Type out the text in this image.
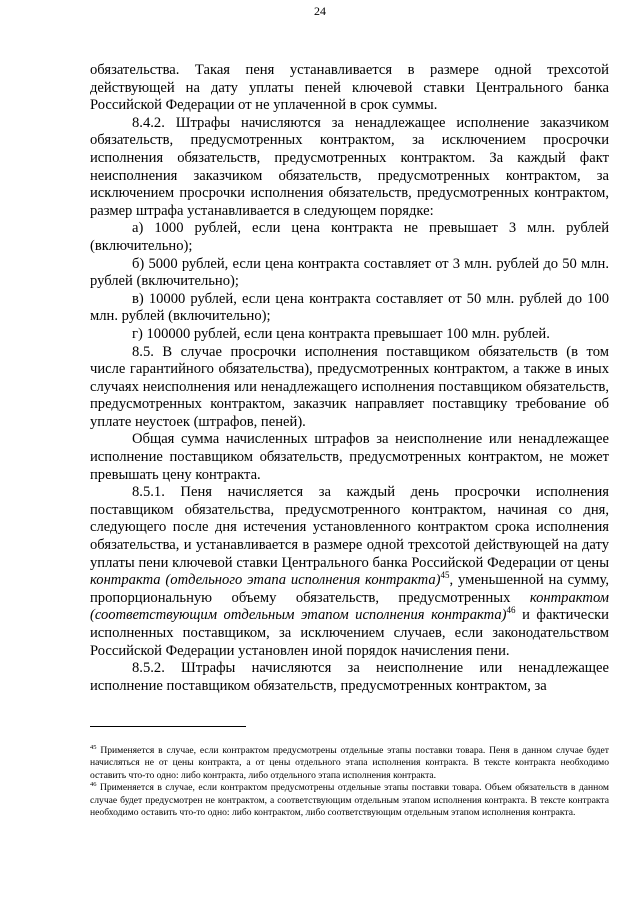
24

обязательства. Такая пеня устанавливается в размере одной трехсотой действующей на дату уплаты пеней ключевой ставки Центрального банка Российской Федерации от не уплаченной в срок суммы.

8.4.2. Штрафы начисляются за ненадлежащее исполнение заказчиком обязательств, предусмотренных контрактом, за исключением просрочки исполнения обязательств, предусмотренных контрактом. За каждый факт неисполнения заказчиком обязательств, предусмотренных контрактом, за исключением просрочки исполнения обязательств, предусмотренных контрактом, размер штрафа устанавливается в следующем порядке:

а) 1000 рублей, если цена контракта не превышает 3 млн. рублей (включительно);

б) 5000 рублей, если цена контракта составляет от 3 млн. рублей до 50 млн. рублей (включительно);

в) 10000 рублей, если цена контракта составляет от 50 млн. рублей до 100 млн. рублей (включительно);

г) 100000 рублей, если цена контракта превышает 100 млн. рублей.

8.5. В случае просрочки исполнения поставщиком обязательств (в том числе гарантийного обязательства), предусмотренных контрактом, а также в иных случаях неисполнения или ненадлежащего исполнения поставщиком обязательств, предусмотренных контрактом, заказчик направляет поставщику требование об уплате неустоек (штрафов, пеней).

Общая сумма начисленных штрафов за неисполнение или ненадлежащее исполнение поставщиком обязательств, предусмотренных контрактом, не может превышать цену контракта.

8.5.1. Пеня начисляется за каждый день просрочки исполнения поставщиком обязательства, предусмотренного контрактом, начиная со дня, следующего после дня истечения установленного контрактом срока исполнения обязательства, и устанавливается в размере одной трехсотой действующей на дату уплаты пени ключевой ставки Центрального банка Российской Федерации от цены контракта (отдельного этапа исполнения контракта)$^{45}$, уменьшенной на сумму, пропорциональную объему обязательств, предусмотренных контрактом (соответствующим отдельным этапом исполнения контракта)$^{46}$ и фактически исполненных поставщиком, за исключением случаев, если законодательством Российской Федерации установлен иной порядок начисления пени.

8.5.2. Штрафы начисляются за неисполнение или ненадлежащее исполнение поставщиком обязательств, предусмотренных контрактом, за

$^{45}$ Применяется в случае, если контрактом предусмотрены отдельные этапы поставки товара. Пеня в данном случае будет начисляться не от цены контракта, а от цены отдельного этапа исполнения контракта. В тексте контракта необходимо оставить что-то одно: либо контракта, либо отдельного этапа исполнения контракта.

$^{46}$ Применяется в случае, если контрактом предусмотрены отдельные этапы поставки товара. Объем обязательств в данном случае будет предусмотрен не контрактом, а соответствующим отдельным этапом исполнения контракта. В тексте контракта необходимо оставить что-то одно: либо контрактом, либо соответствующим отдельным этапом исполнения контракта.
